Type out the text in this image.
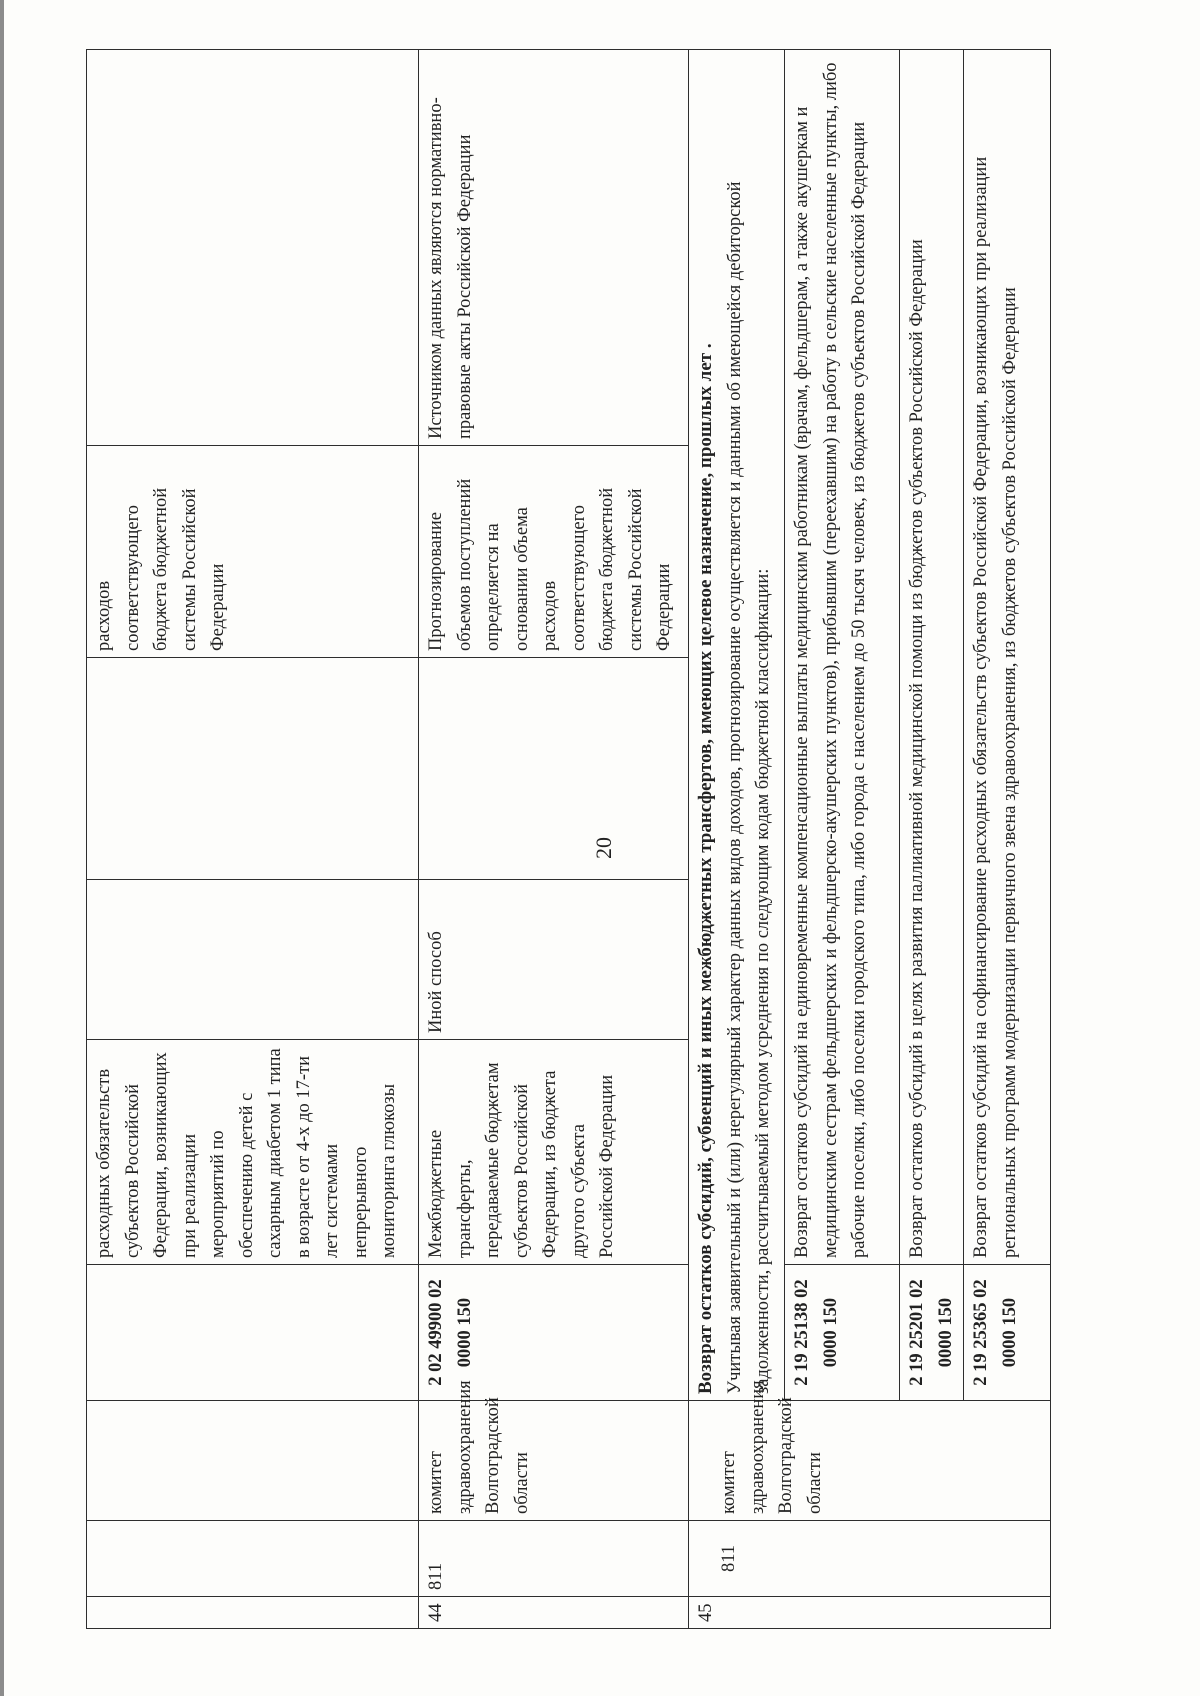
20
				расходных обязательств субъектов Российской Федерации, возникающих при реализации мероприятий по обеспечению детей с сахарным диабетом 1 типа в возрасте от 4-х до 17-ти лет системами непрерывного мониторинга глюкозы			расходов соответствующего бюджета бюджетной системы Российской Федерации	
44	811	комитет здравоохранения Волгоградской области	2 02 49900 02 0000 150	Межбюджетные трансферты, передаваемые бюджетам субъектов Российской Федерации, из бюджета другого субъекта Российской Федерации	Иной способ		Прогнозирование объемов поступлений определяется на основании объема расходов соответствующего бюджета бюджетной системы Российской Федерации	Источником данных являются нормативно-правовые акты Российской Федерации
45	811	комитет здравоохранения Волгоградской области	Возврат остатков субсидий, субвенций и иных межбюджетных трансфертов, имеющих целевое назначение, прошлых лет . Учитывая заявительный и (или) нерегулярный характер данных видов доходов, прогнозирование осуществляется и данными об имеющейся дебиторской задолженности, рассчитываемый методом усреднения по следующим кодам бюджетной классификации:					
			2 19 25138 02 0000 150	Возврат остатков субсидий на единовременные компенсационные выплаты медицинским работникам (врачам, фельдшерам, а также акушеркам и медицинским сестрам фельдшерских и фельдшерско-акушерских пунктов), прибывшим (переехавшим) на работу в сельские населенные пункты, либо рабочие поселки, либо поселки городского типа, либо города с населением до 50 тысяч человек, из бюджетов субъектов Российской Федерации				
			2 19 25201 02 0000 150	Возврат остатков субсидий в целях развития паллиативной медицинской помощи из бюджетов субъектов Российской Федерации				
			2 19 25365 02 0000 150	Возврат остатков субсидий на софинансирование расходных обязательств субъектов Российской Федерации, возникающих при реализации региональных программ модернизации первичного звена здравоохранения, из бюджетов субъектов Российской Федерации				
